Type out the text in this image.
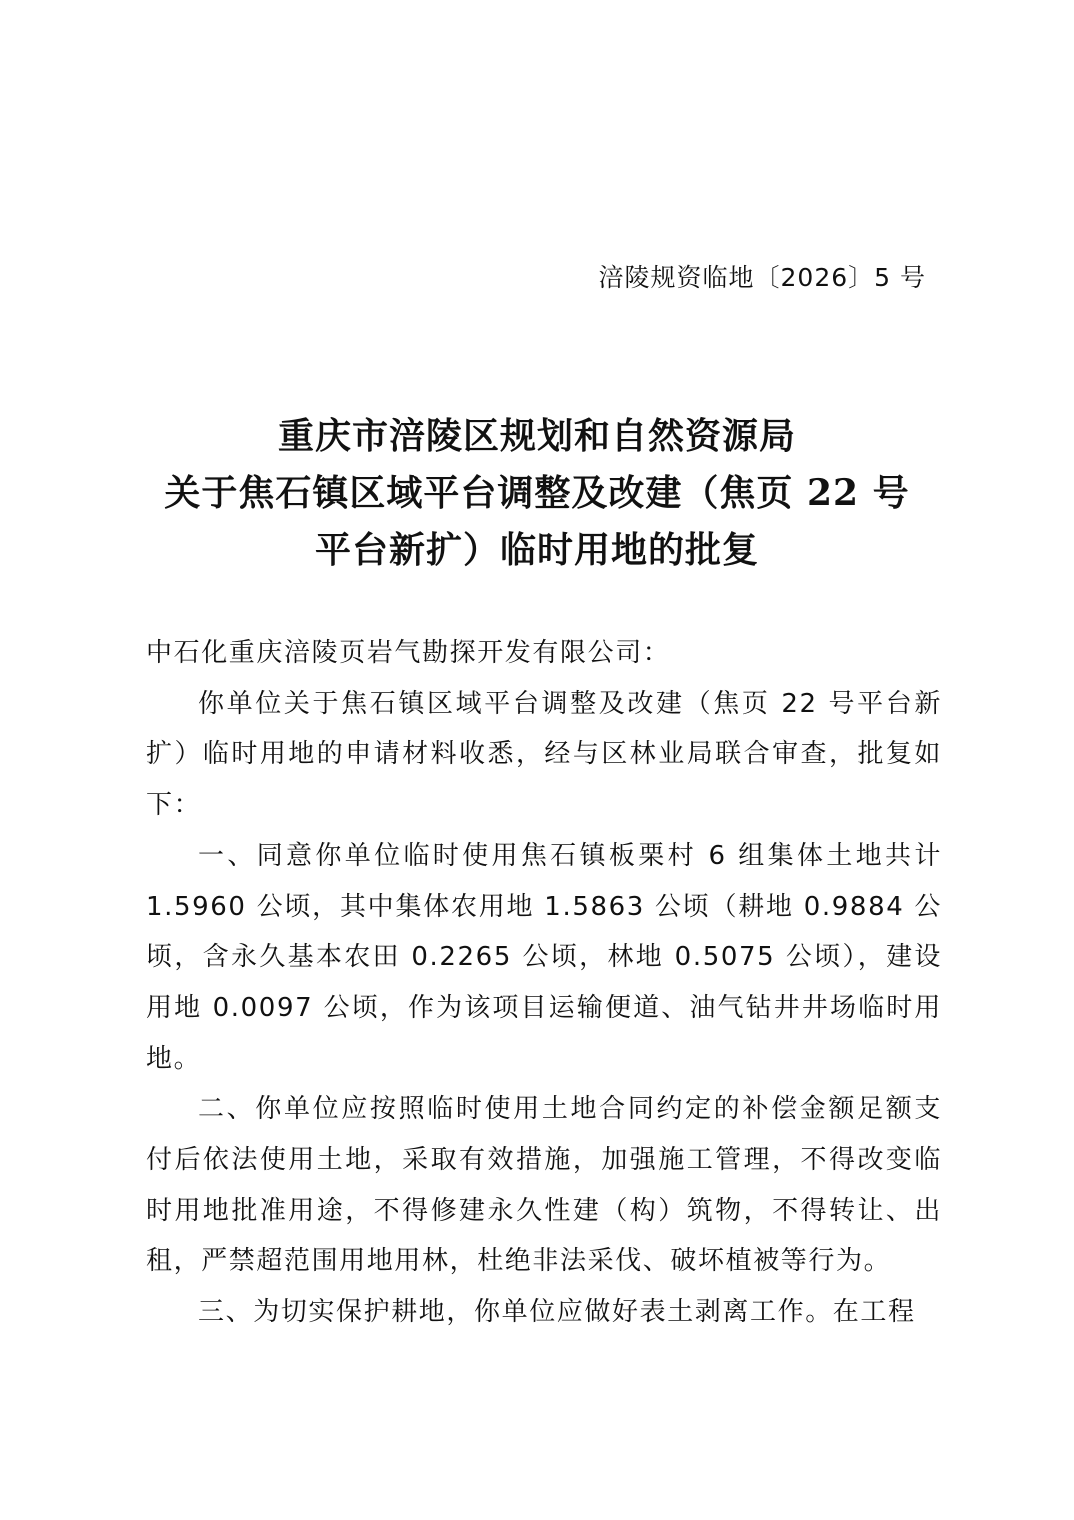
涪陵规资临地〔2026〕5 号
重庆市涪陵区规划和自然资源局
关于焦石镇区域平台调整及改建（焦页 22 号
平台新扩）临时用地的批复

中石化重庆涪陵页岩气勘探开发有限公司：

你单位关于焦石镇区域平台调整及改建（焦页 22 号平台新扩）临时用地的申请材料收悉，经与区林业局联合审查，批复如下：

一、同意你单位临时使用焦石镇板栗村 6 组集体土地共计 1.5960 公顷，其中集体农用地 1.5863 公顷（耕地 0.9884 公顷，含永久基本农田 0.2265 公顷，林地 0.5075 公顷），建设用地 0.0097 公顷，作为该项目运输便道、油气钻井井场临时用地。

二、你单位应按照临时使用土地合同约定的补偿金额足额支付后依法使用土地，采取有效措施，加强施工管理，不得改变临时用地批准用途，不得修建永久性建（构）筑物，不得转让、出租，严禁超范围用地用林，杜绝非法采伐、破坏植被等行为。

三、为切实保护耕地，你单位应做好表土剥离工作。在工程
